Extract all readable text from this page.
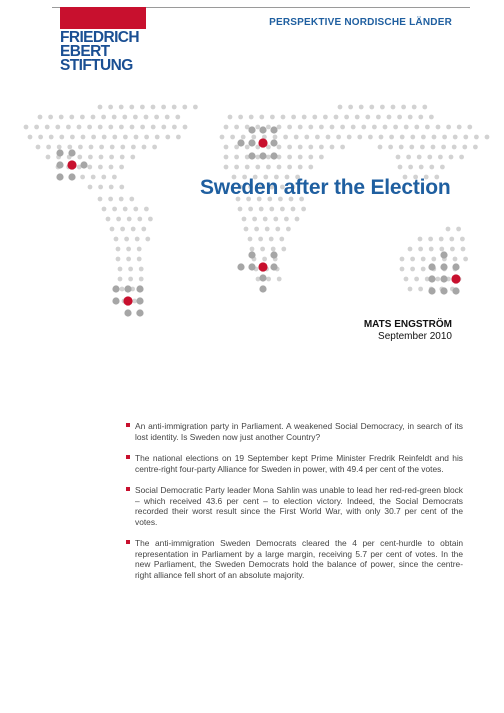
FRIEDRICH
EBERT
STIFTUNG
PERSPEKTIVE NORDISCHE LÄNDER
Sweden after the Election
MATS ENGSTRÖM
September 2010
An anti-immigration party in Parliament. A weakened Social Democracy, in search of its lost identity. Is Sweden now just another Country?
The national elections on 19 September kept Prime Minister Fredrik Reinfeldt and his centre-right four-party Alliance for Sweden in power, with 49.4 per cent of the votes.
Social Democratic Party leader Mona Sahlin was unable to lead her red-red-green block – which received 43.6 per cent – to election victory. Indeed, the Social Democrats recorded their worst result since the First World War, with only 30.7 per cent of the votes.
The anti-immigration Sweden Democrats cleared the 4 per cent-hurdle to obtain representation in Parliament by a large margin, receiving 5.7 per cent of votes. In the new Parliament, the Sweden Democrats hold the balance of power, since the centre-right alliance fell short of an absolute majority.
